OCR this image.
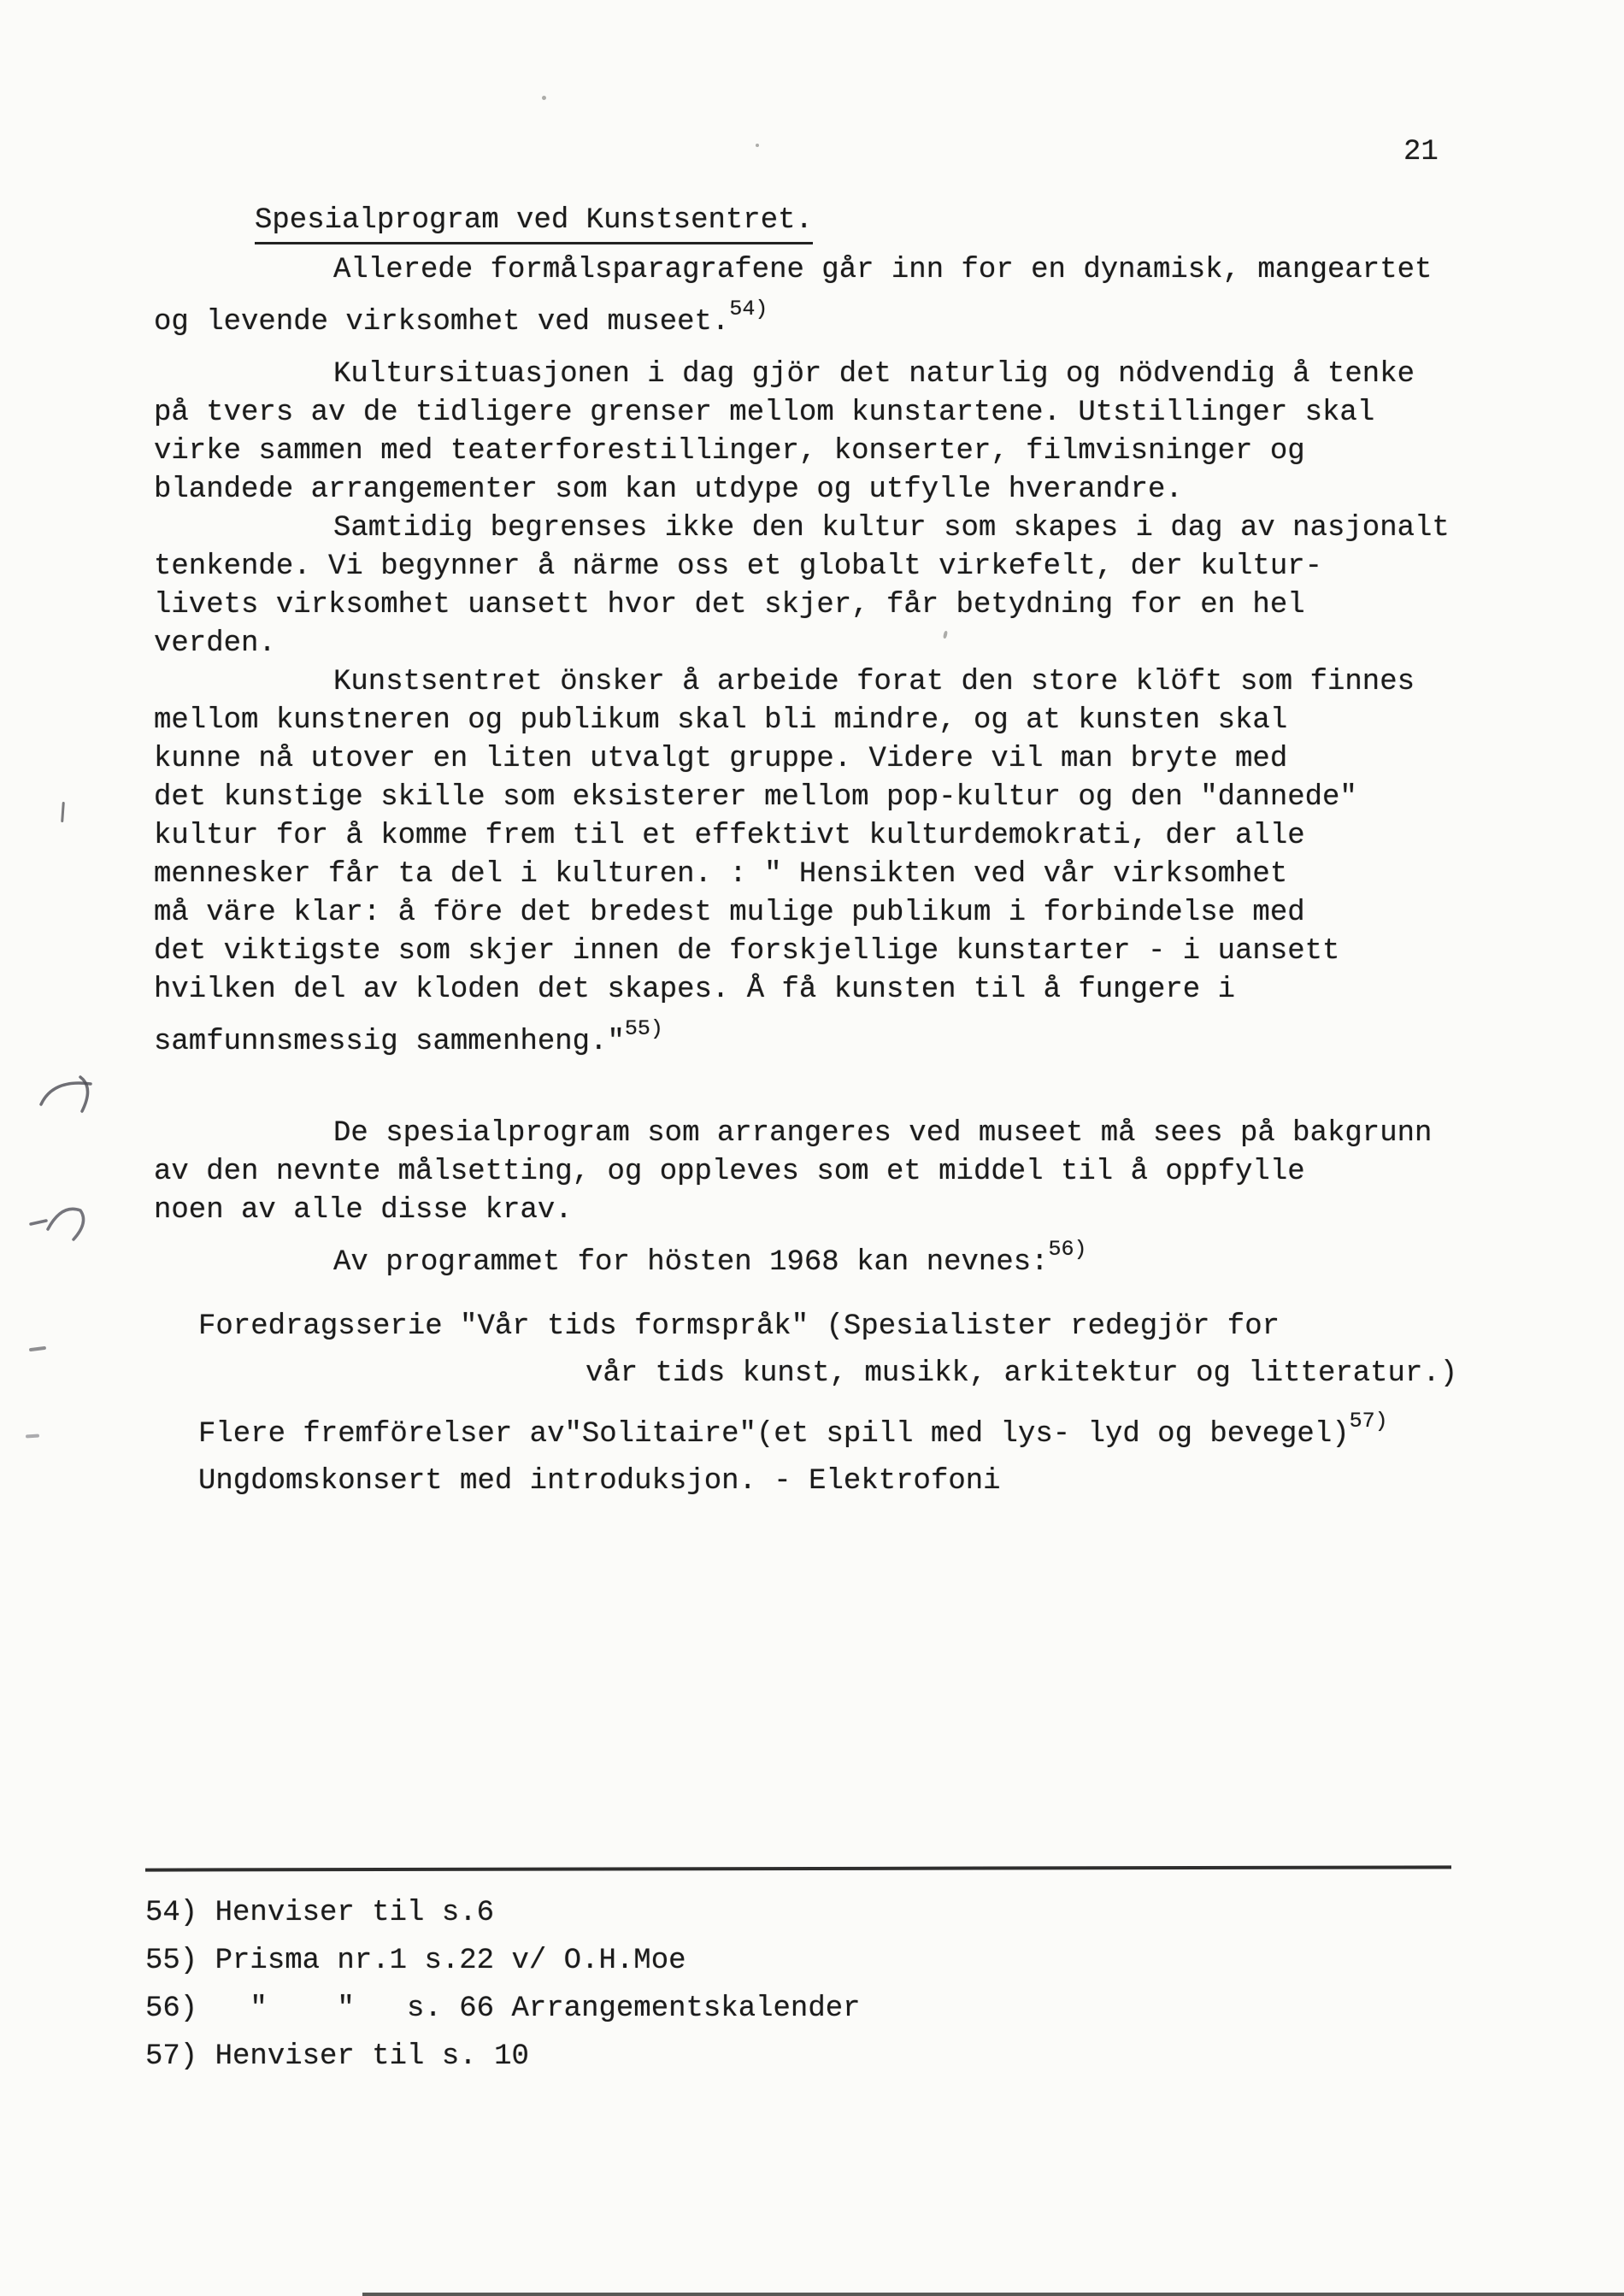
21
Spesialprogram ved Kunstsentret.
Allerede formålsparagrafene går inn for en dynamisk, mangeartet
og levende virksomhet ved museet.$^{54)}$
Kultursituasjonen i dag gjör det naturlig og nödvendig å tenke
på tvers av de tidligere grenser mellom kunstartene. Utstillinger skal
virke sammen med teaterforestillinger, konserter, filmvisninger og
blandede arrangementer som kan utdype og utfylle hverandre.
Samtidig begrenses ikke den kultur som skapes i dag av nasjonalt
tenkende. Vi begynner å närme oss et globalt virkefelt, der kultur-
livets virksomhet uansett hvor det skjer, får betydning for en hel
verden.
Kunstsentret önsker å arbeide forat den store klöft som finnes
mellom kunstneren og publikum skal bli mindre, og at kunsten skal
kunne nå utover en liten utvalgt gruppe. Videre vil man bryte med
det kunstige skille som eksisterer mellom pop-kultur og den "dannede"
kultur for å komme frem til et effektivt kulturdemokrati, der alle
mennesker får ta del i kulturen. : " Hensikten ved vår virksomhet
må väre klar: å före det bredest mulige publikum i forbindelse med
det viktigste som skjer innen de forskjellige kunstarter - i uansett
hvilken del av kloden det skapes. Å få kunsten til å fungere i
samfunnsmessig sammenheng."$^{55)}$
De spesialprogram som arrangeres ved museet må sees på bakgrunn
av den nevnte målsetting, og oppleves som et middel til å oppfylle
noen av alle disse krav.
Av programmet for hösten 1968 kan nevnes:$^{56)}$
Foredragsserie "Vår tids formspråk" (Spesialister redegjör for
vår tids kunst, musikk, arkitektur og litteratur.)
Flere fremförelser av"Solitaire"(et spill med lys- lyd og bevegel)$^{57)}$
Ungdomskonsert med introduksjon. - Elektrofoni
54) Henviser til s.6
55) Prisma nr.1 s.22 v/ O.H.Moe
56)   "    "   s. 66 Arrangementskalender
57) Henviser til s. 10
